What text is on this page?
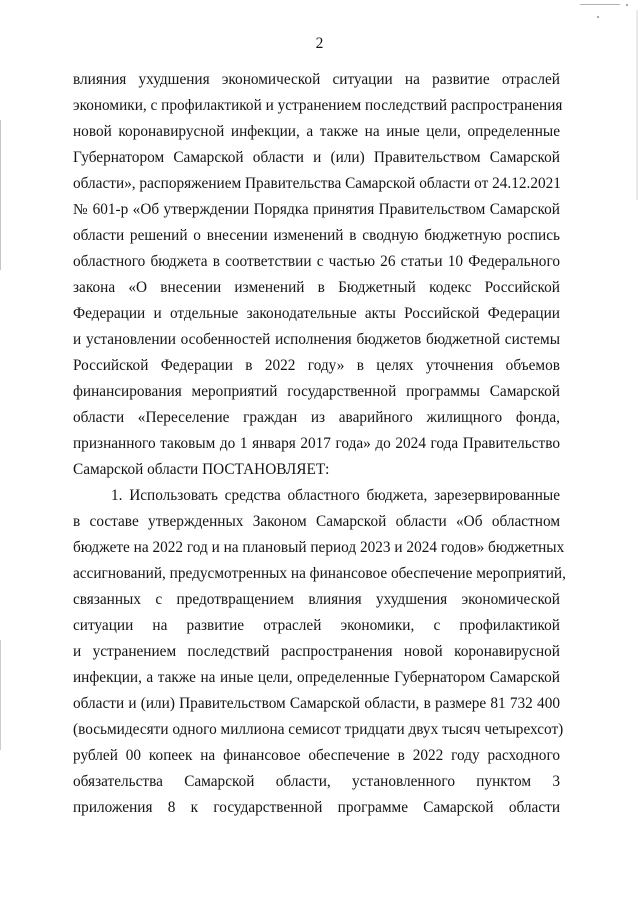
2
влияния ухудшения экономической ситуации на развитие отраслей
экономики, с профилактикой и устранением последствий распространения
новой коронавирусной инфекции, а также на иные цели, определенные
Губернатором Самарской области и (или) Правительством Самарской
области», распоряжением Правительства Самарской области от 24.12.2021
№ 601-р «Об утверждении Порядка принятия Правительством Самарской
области решений о внесении изменений в сводную бюджетную роспись
областного бюджета в соответствии с частью 26 статьи 10 Федерального
закона «О внесении изменений в Бюджетный кодекс Российской
Федерации и отдельные законодательные акты Российской Федерации
и установлении особенностей исполнения бюджетов бюджетной системы
Российской Федерации в 2022 году» в целях уточнения объемов
финансирования мероприятий государственной программы Самарской
области «Переселение граждан из аварийного жилищного фонда,
признанного таковым до 1 января 2017 года» до 2024 года Правительство
Самарской области ПОСТАНОВЛЯЕТ:
1. Использовать средства областного бюджета, зарезервированные
в составе утвержденных Законом Самарской области «Об областном
бюджете на 2022 год и на плановый период 2023 и 2024 годов» бюджетных
ассигнований, предусмотренных на финансовое обеспечение мероприятий,
связанных с предотвращением влияния ухудшения экономической
ситуации на развитие отраслей экономики, с профилактикой
и устранением последствий распространения новой коронавирусной
инфекции, а также на иные цели, определенные Губернатором Самарской
области и (или) Правительством Самарской области, в размере 81 732 400
(восьмидесяти одного миллиона семисот тридцати двух тысяч четырехсот)
рублей 00 копеек на финансовое обеспечение в 2022 году расходного
обязательства Самарской области, установленного пунктом 3
приложения 8 к государственной программе Самарской области
